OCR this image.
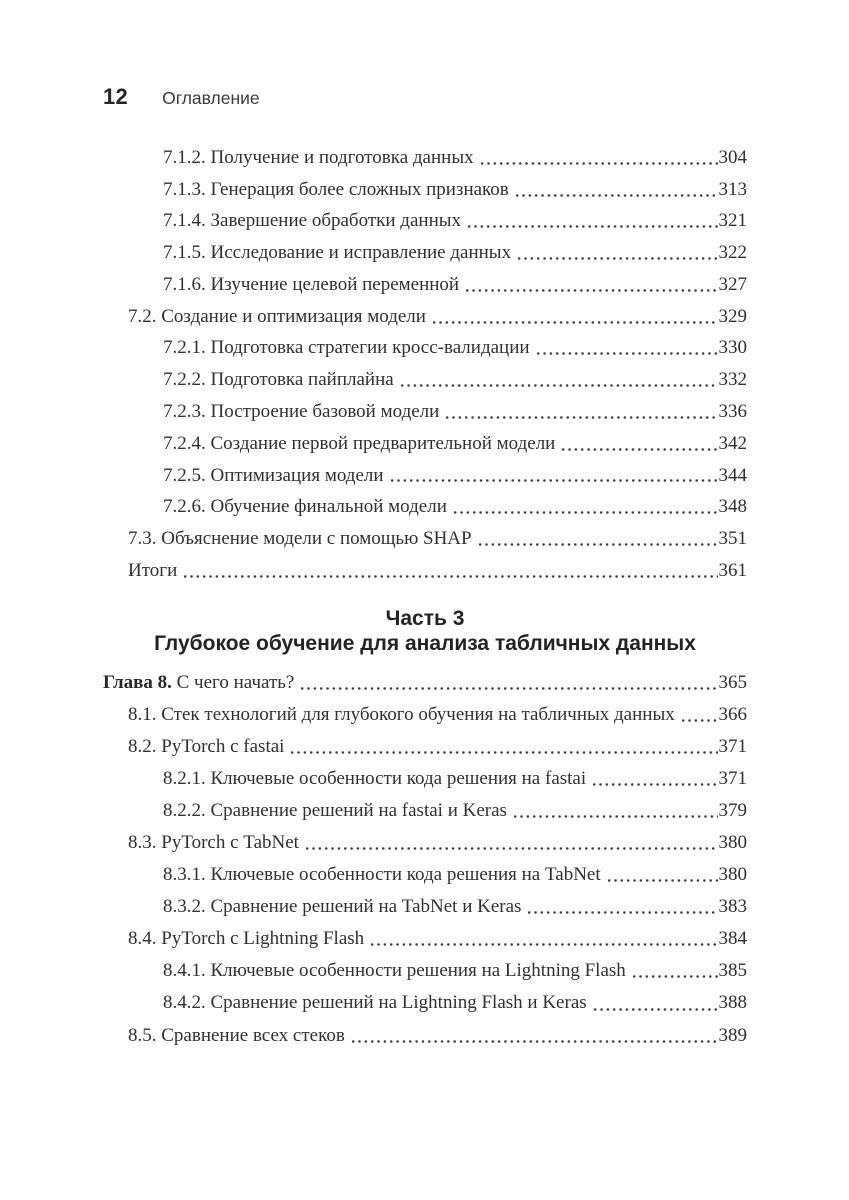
12 Оглавление
7.1.2. Получение и подготовка данных	304
7.1.3. Генерация более сложных признаков	313
7.1.4. Завершение обработки данных	321
7.1.5. Исследование и исправление данных	322
7.1.6. Изучение целевой переменной	327
7.2. Создание и оптимизация модели	329
7.2.1. Подготовка стратегии кросс-валидации	330
7.2.2. Подготовка пайплайна	332
7.2.3. Построение базовой модели	336
7.2.4. Создание первой предварительной модели	342
7.2.5. Оптимизация модели	344
7.2.6. Обучение финальной модели	348
7.3. Объяснение модели с помощью SHAP	351
Итоги	361
Часть 3
Глубокое обучение для анализа табличных данных
Глава 8. С чего начать?	365
8.1. Стек технологий для глубокого обучения на табличных данных 366
8.2. PyTorch с fastai	371
8.2.1. Ключевые особенности кода решения на fastai	371
8.2.2. Сравнение решений на fastai и Keras	379
8.3. PyTorch с TabNet	380
8.3.1. Ключевые особенности кода решения на TabNet	380
8.3.2. Сравнение решений на TabNet и Keras	383
8.4. PyTorch с Lightning Flash	384
8.4.1. Ключевые особенности решения на Lightning Flash	385
8.4.2. Сравнение решений на Lightning Flash и Keras	388
8.5. Сравнение всех стеков	389
